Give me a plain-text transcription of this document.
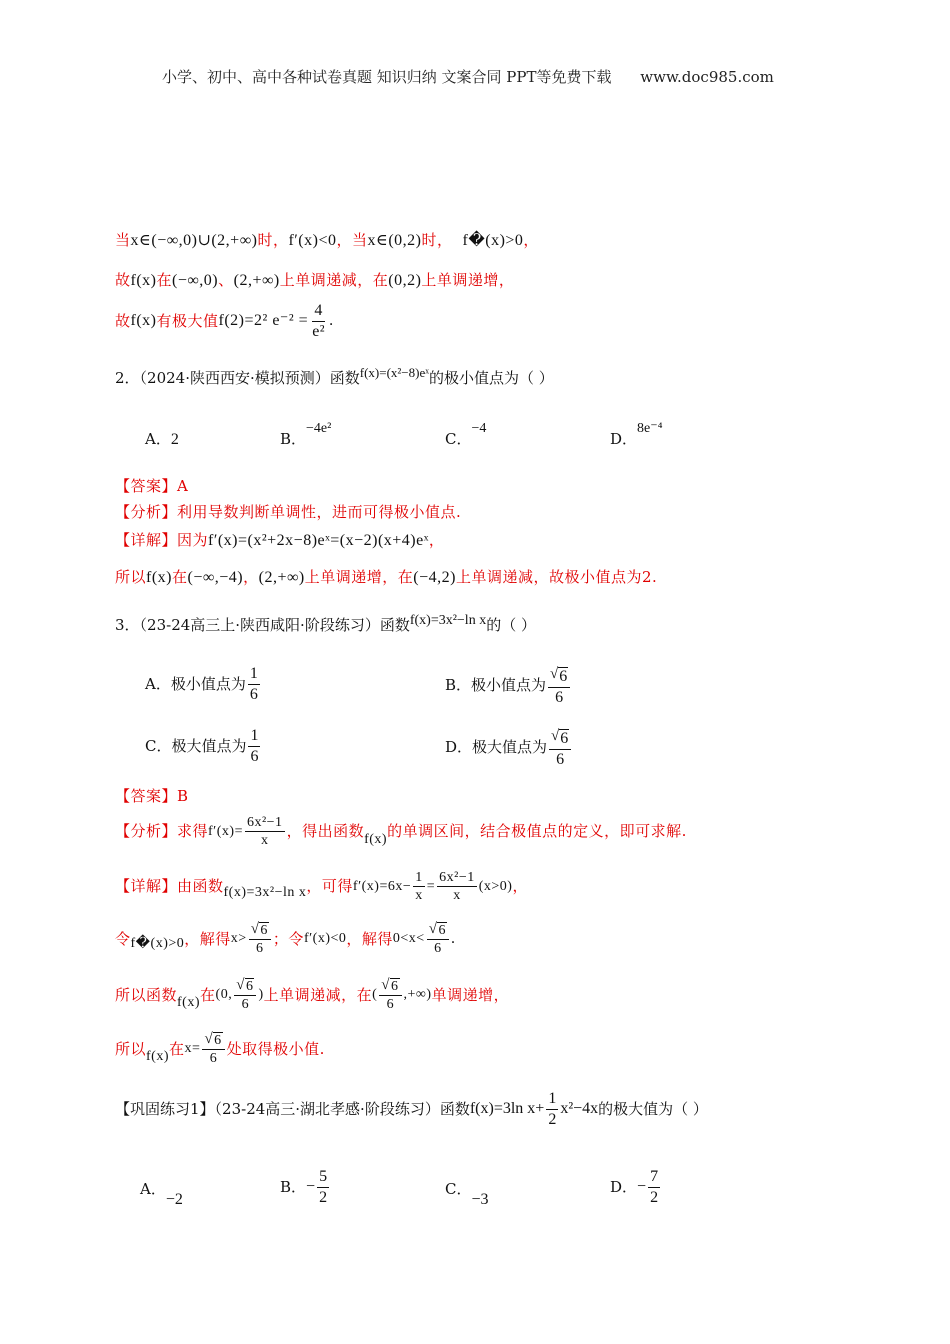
小学、初中、高中各种试卷真题 知识归纳 文案合同 PPT等免费下载 www.doc985.com
当x∈(−∞,0)∪(2,+∞)时，f′(x)<0，当x∈(0,2)时， f�(x)>0，
故f(x)在(−∞,0)、(2,+∞)上单调递减，在(0,2)上单调递增，
故 f(x) 有极大值 f(2)=2² $e^{-2} = \frac{4}{\text{e²}}$ .
2．（2024·陕西西安·模拟预测）函数f(x)=(x²−8)eˣ的极小值点为（ ）
A．2	B．−4e²
C．−4
D．8e⁻⁴
【答案】A
【分析】利用导数判断单调性，进而可得极小值点.
【详解】因为f′(x)=(x²+2x−8)eˣ=(x−2)(x+4)eˣ，
所以f(x)在(−∞,−4)，(2,+∞)上单调递增，在(−4,2)上单调递减，故极小值点为2.
3．（23-24高三上·陕西咸阳·阶段练习）函数f(x)=3x²−ln x的（ ）
A．极小值点为 $\frac{1}{6}$	B．极小值点为 $\frac{√ 6}{6}$
C．极大值点为 $\frac{1}{6}$	D．极大值点为 $\frac{√ 6}{6}$
【答案】B
【分析】求得 $f'(x)= \frac{\text{6x²−1}}{x}$ ，得出函数 f(x) 的单调区间，结合极值点的定义，即可求解.
【详解】由函数 f(x)=3x²−ln x ，可得 $f'(x)=6x- \frac{1}{x} = \frac{\text{6x²−1}}{x} (x>0)$ ，
令 f�(x)>0 ，解得 $x> \frac{√ 6}{6}$ ；令 f′(x)<0 ，解得 $0<x< \frac{√ 6}{6}$ .
所以函数 f(x) 在 (0, $\frac{√ 6}{6}$ ) 上单调递减，在 ( $\frac{√ 6}{6}$ ,+∞) 单调递增，
所以 f(x) 在 $x= \frac{√ 6}{6}$ 处取得极小值.
【巩固练习1】（23-24高三·湖北孝感·阶段练习）函数 f(x)=3ln $x+ \frac{1}{2} x^2-4x$ 的极大值为（ ）
A．−2
B． − $\frac{5}{2}$	C．−3
D． − $\frac{7}{2}$
